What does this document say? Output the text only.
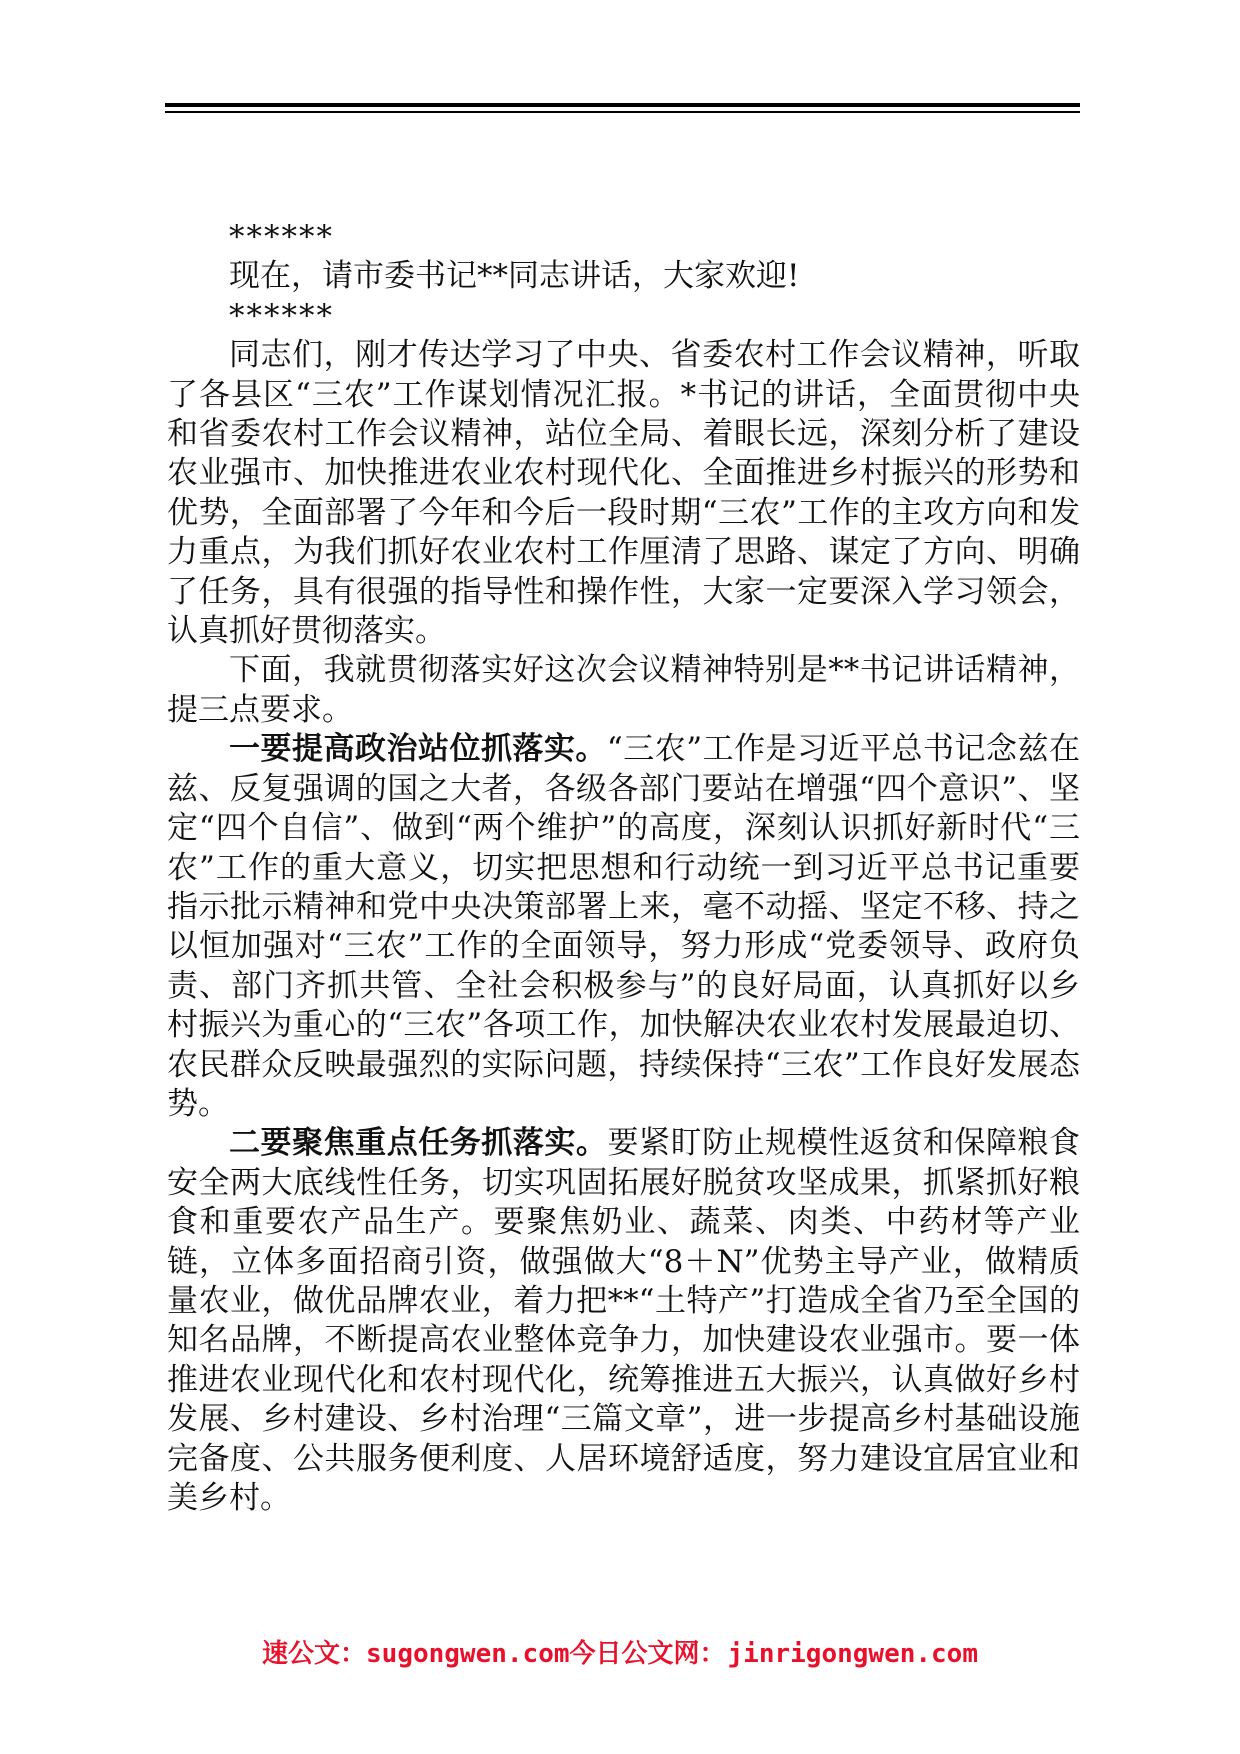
******

现在，请市委书记**同志讲话，大家欢迎!

******

同志们，刚才传达学习了中央、省委农村工作会议精神，听取了各县区“三农”工作谋划情况汇报。*书记的讲话，全面贯彻中央和省委农村工作会议精神，站位全局、着眼长远，深刻分析了建设农业强市、加快推进农业农村现代化、全面推进乡村振兴的形势和优势，全面部署了今年和今后一段时期“三农”工作的主攻方向和发力重点，为我们抓好农业农村工作厘清了思路、谋定了方向、明确了任务，具有很强的指导性和操作性，大家一定要深入学习领会，认真抓好贯彻落实。

下面，我就贯彻落实好这次会议精神特别是**书记讲话精神，提三点要求。

一要提高政治站位抓落实。“三农”工作是习近平总书记念兹在兹、反复强调的国之大者，各级各部门要站在增强“四个意识”、坚定“四个自信”、做到“两个维护”的高度，深刻认识抓好新时代“三农”工作的重大意义，切实把思想和行动统一到习近平总书记重要指示批示精神和党中央决策部署上来，毫不动摇、坚定不移、持之以恒加强对“三农”工作的全面领导，努力形成“党委领导、政府负责、部门齐抓共管、全社会积极参与”的良好局面，认真抓好以乡村振兴为重心的“三农”各项工作，加快解决农业农村发展最迫切、农民群众反映最强烈的实际问题，持续保持“三农”工作良好发展态势。

二要聚焦重点任务抓落实。要紧盯防止规模性返贫和保障粮食安全两大底线性任务，切实巩固拓展好脱贫攻坚成果，抓紧抓好粮食和重要农产品生产。要聚焦奶业、蔬菜、肉类、中药材等产业链，立体多面招商引资，做强做大“8＋N”优势主导产业，做精质量农业，做优品牌农业，着力把**“土特产”打造成全省乃至全国的知名品牌，不断提高农业整体竞争力，加快建设农业强市。要一体推进农业现代化和农村现代化，统筹推进五大振兴，认真做好乡村发展、乡村建设、乡村治理“三篇文章”，进一步提高乡村基础设施完备度、公共服务便利度、人居环境舒适度，努力建设宜居宜业和美乡村。

速公文：sugongwen.com今日公文网：jinrigongwen.com
